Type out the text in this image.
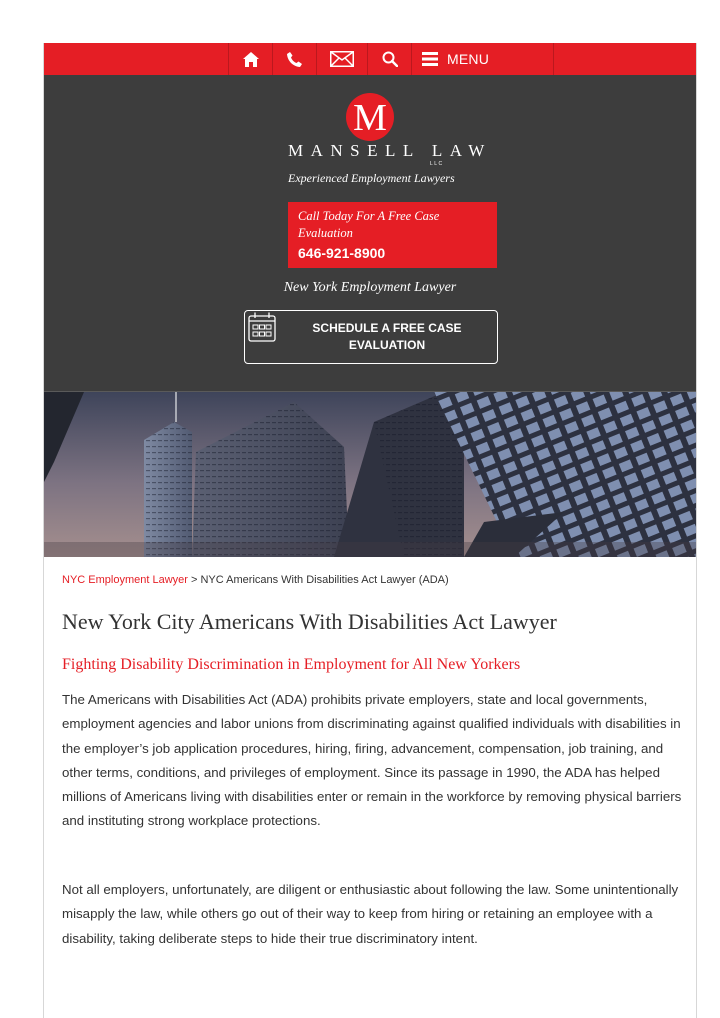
MENU
M
MANSELL LAW
LLC
Experienced Employment Lawyers
Call Today For A Free Case Evaluation
646-921-8900
New York Employment Lawyer
SCHEDULE A FREE CASE EVALUATION
NYC Employment Lawyer > NYC Americans With Disabilities Act Lawyer (ADA)
New York City Americans With Disabilities Act Lawyer
Fighting Disability Discrimination in Employment for All New Yorkers

The Americans with Disabilities Act (ADA) prohibits private employers, state and local governments, employment agencies and labor unions from discriminating against qualified individuals with disabilities in the employer’s job application procedures, hiring, firing, advancement, compensation, job training, and other terms, conditions, and privileges of employment. Since its passage in 1990, the ADA has helped millions of Americans living with disabilities enter or remain in the workforce by removing physical barriers and instituting strong workplace protections.

Not all employers, unfortunately, are diligent or enthusiastic about following the law. Some unintentionally misapply the law, while others go out of their way to keep from hiring or retaining an employee with a disability, taking deliberate steps to hide their true discriminatory intent.
